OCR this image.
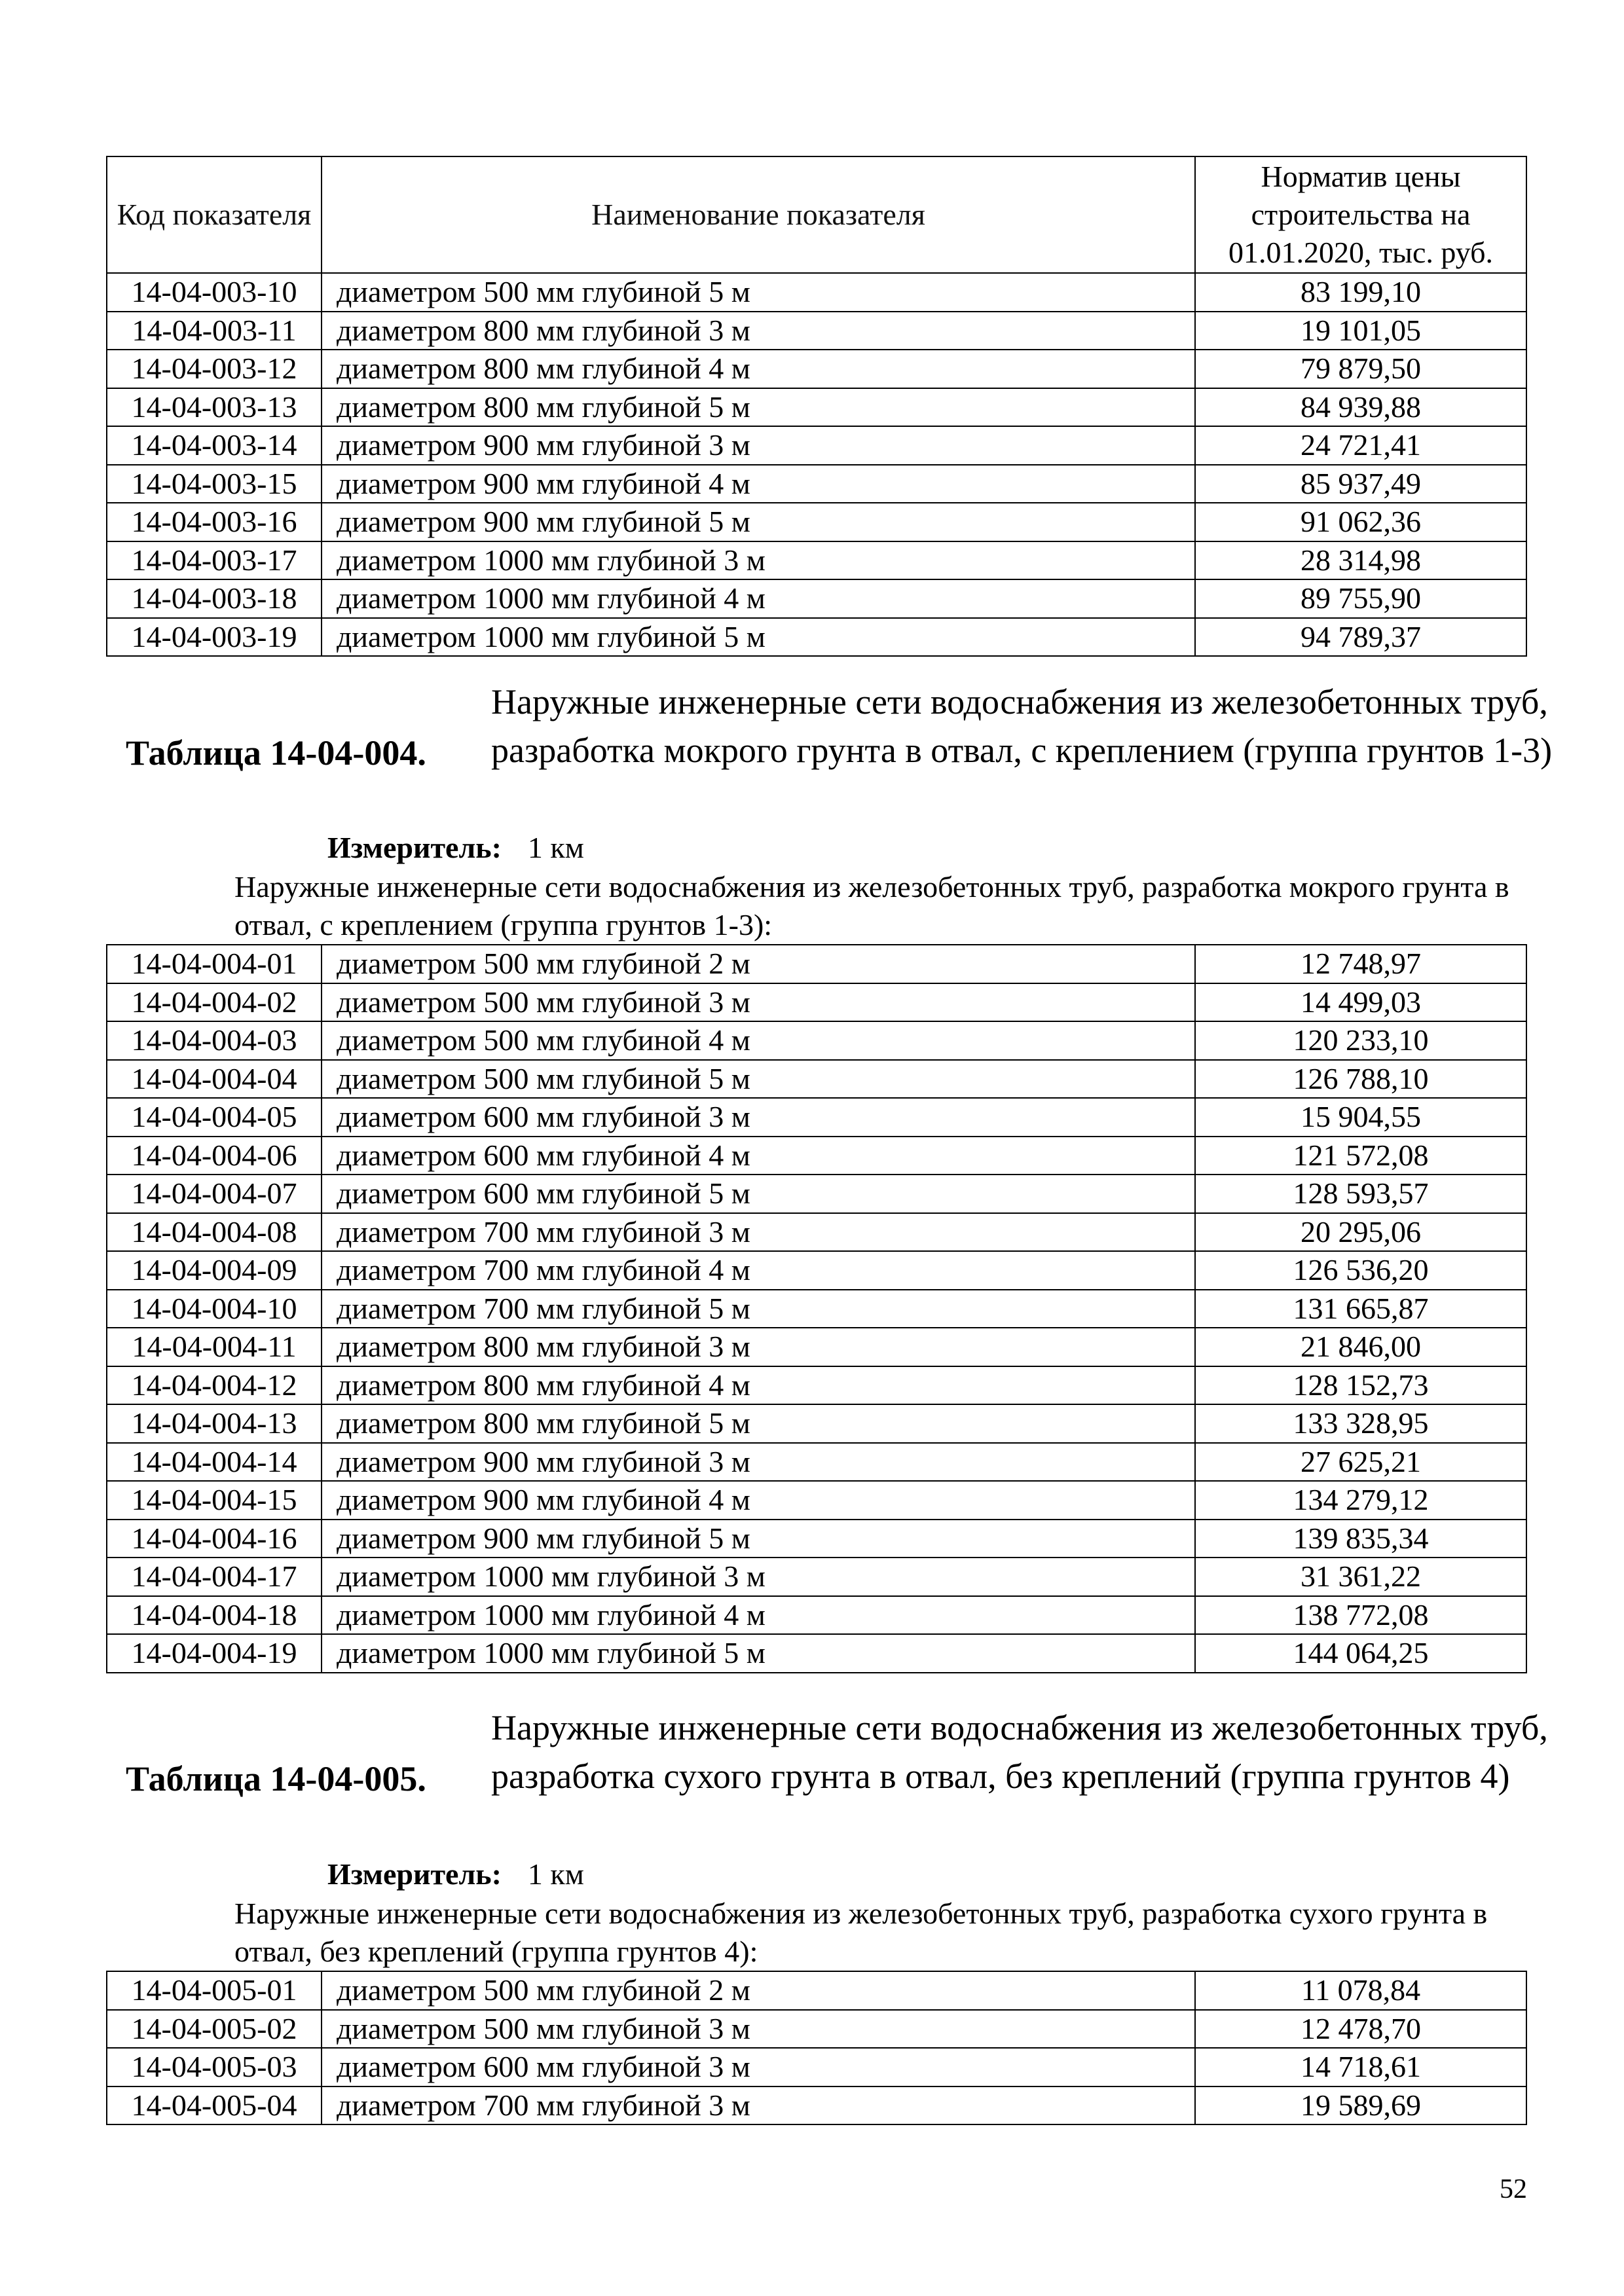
Код показателя	Наименование показателя	Норматив цены строительства на 01.01.2020, тыс. руб.
14-04-003-10	диаметром 500 мм глубиной 5 м	83 199,10
14-04-003-11	диаметром 800 мм глубиной 3 м	19 101,05
14-04-003-12	диаметром 800 мм глубиной 4 м	79 879,50
14-04-003-13	диаметром 800 мм глубиной 5 м	84 939,88
14-04-003-14	диаметром 900 мм глубиной 3 м	24 721,41
14-04-003-15	диаметром 900 мм глубиной 4 м	85 937,49
14-04-003-16	диаметром 900 мм глубиной 5 м	91 062,36
14-04-003-17	диаметром 1000 мм глубиной 3 м	28 314,98
14-04-003-18	диаметром 1000 мм глубиной 4 м	89 755,90
14-04-003-19	диаметром 1000 мм глубиной 5 м	94 789,37
Таблица 14-04-004.
Наружные инженерные сети водоснабжения из железобетонных труб, разработка мокрого грунта в отвал, с креплением (группа грунтов 1-3)
Измеритель: 1 км
Наружные инженерные сети водоснабжения из железобетонных труб, разработка мокрого грунта в отвал, с креплением (группа грунтов 1-3):
14-04-004-01	диаметром 500 мм глубиной 2 м	12 748,97
14-04-004-02	диаметром 500 мм глубиной 3 м	14 499,03
14-04-004-03	диаметром 500 мм глубиной 4 м	120 233,10
14-04-004-04	диаметром 500 мм глубиной 5 м	126 788,10
14-04-004-05	диаметром 600 мм глубиной 3 м	15 904,55
14-04-004-06	диаметром 600 мм глубиной 4 м	121 572,08
14-04-004-07	диаметром 600 мм глубиной 5 м	128 593,57
14-04-004-08	диаметром 700 мм глубиной 3 м	20 295,06
14-04-004-09	диаметром 700 мм глубиной 4 м	126 536,20
14-04-004-10	диаметром 700 мм глубиной 5 м	131 665,87
14-04-004-11	диаметром 800 мм глубиной 3 м	21 846,00
14-04-004-12	диаметром 800 мм глубиной 4 м	128 152,73
14-04-004-13	диаметром 800 мм глубиной 5 м	133 328,95
14-04-004-14	диаметром 900 мм глубиной 3 м	27 625,21
14-04-004-15	диаметром 900 мм глубиной 4 м	134 279,12
14-04-004-16	диаметром 900 мм глубиной 5 м	139 835,34
14-04-004-17	диаметром 1000 мм глубиной 3 м	31 361,22
14-04-004-18	диаметром 1000 мм глубиной 4 м	138 772,08
14-04-004-19	диаметром 1000 мм глубиной 5 м	144 064,25
Таблица 14-04-005.
Наружные инженерные сети водоснабжения из железобетонных труб, разработка сухого грунта в отвал, без креплений (группа грунтов 4)
Измеритель: 1 км
Наружные инженерные сети водоснабжения из железобетонных труб, разработка сухого грунта в отвал, без креплений (группа грунтов 4):
14-04-005-01	диаметром 500 мм глубиной 2 м	11 078,84
14-04-005-02	диаметром 500 мм глубиной 3 м	12 478,70
14-04-005-03	диаметром 600 мм глубиной 3 м	14 718,61
14-04-005-04	диаметром 700 мм глубиной 3 м	19 589,69
52
